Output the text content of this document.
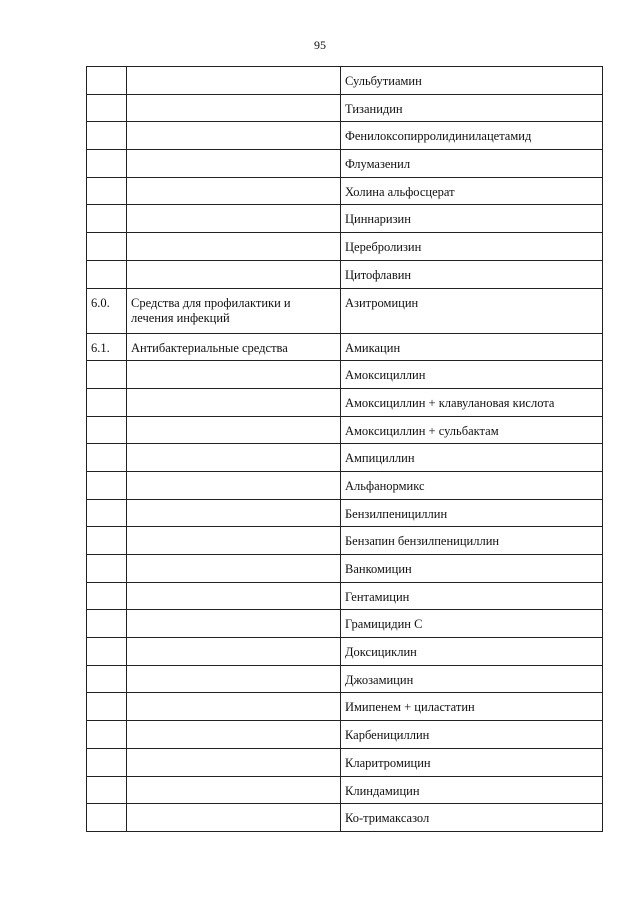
95
		Сульбутиамин
		Тизанидин
		Фенилоксопирролидинилацетамид
		Флумазенил
		Холина альфосцерат
		Циннаризин
		Церебролизин
		Цитофлавин
6.0.	Средства для профилактики и лечения инфекций	Азитромицин
6.1.	Антибактериальные средства	Амикацин
		Амоксициллин
		Амоксициллин + клавулановая кислота
		Амоксициллин + сульбактам
		Ампициллин
		Альфанормикс
		Бензилпенициллин
		Бензапин бензилпенициллин
		Ванкомицин
		Гентамицин
		Грамицидин С
		Доксициклин
		Джозамицин
		Имипенем + циластатин
		Карбенициллин
		Кларитромицин
		Клиндамицин
		Ко-тримаксазол
